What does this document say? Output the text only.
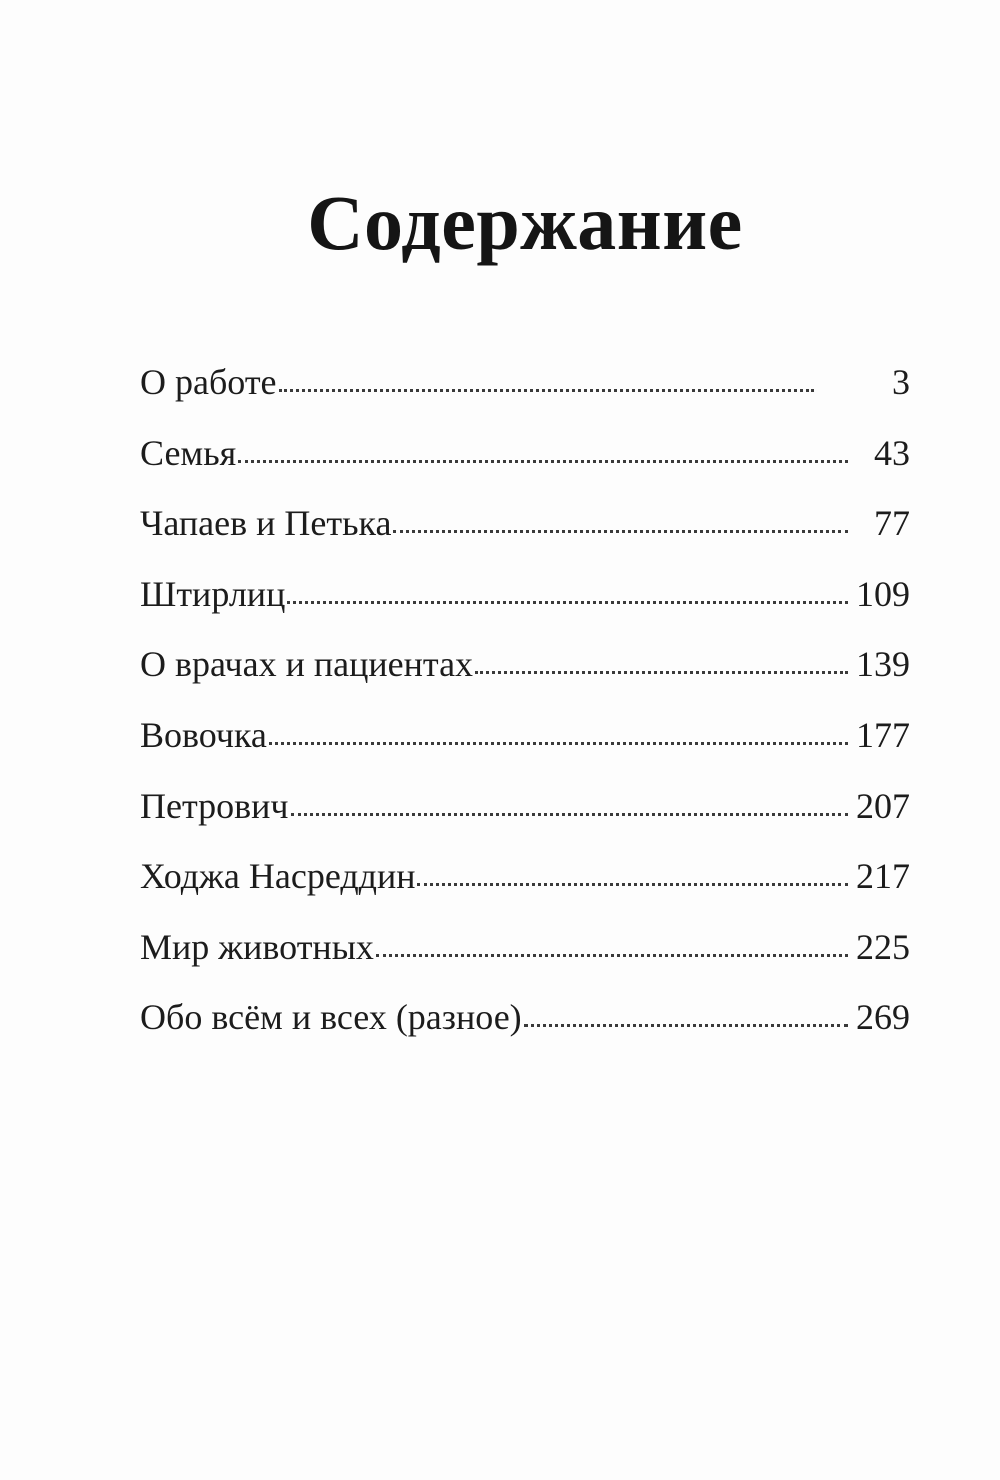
Содержание
О работе	3
Семья	43
Чапаев и Петька	77
Штирлиц	109
О врачах и пациентах	139
Вовочка	177
Петрович	207
Ходжа Насреддин	217
Мир животных	225
Обо всём и всех (разное)	269
